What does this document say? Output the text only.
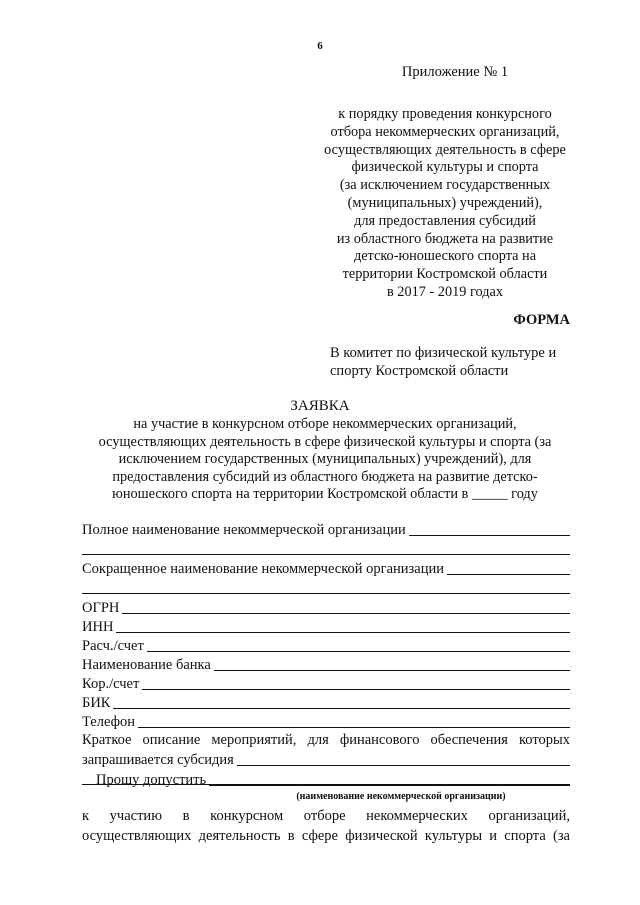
6
Приложение № 1
к порядку проведения конкурсного
отбора некоммерческих организаций,
осуществляющих деятельность в сфере
физической культуры и спорта
(за исключением государственных
(муниципальных) учреждений),
для предоставления субсидий
из областного бюджета на развитие
детско-юношеского спорта на
территории Костромской области
в 2017 - 2019 годах
ФОРМА
В комитет по физической культуре и
спорту Костромской области
ЗАЯВКА
на участие в конкурсном отборе некоммерческих организаций,
осуществляющих деятельность в сфере физической культуры и спорта (за
исключением государственных (муниципальных) учреждений), для
предоставления субсидий из областного бюджета на развитие детско-
юношеского спорта на территории Костромской области в _____ году
Полное наименование некоммерческой организации
Сокращенное наименование некоммерческой организации
ОГРН
ИНН
Расч./счет
Наименование банка
Кор./счет
БИК
Телефон
Краткое описание мероприятий, для финансового обеспечения которых
запрашивается субсидия
Прошу допустить
(наименование некоммерческой организации)
к участию в конкурсном отборе некоммерческих организаций,
осуществляющих деятельность в сфере физической культуры и спорта (за
